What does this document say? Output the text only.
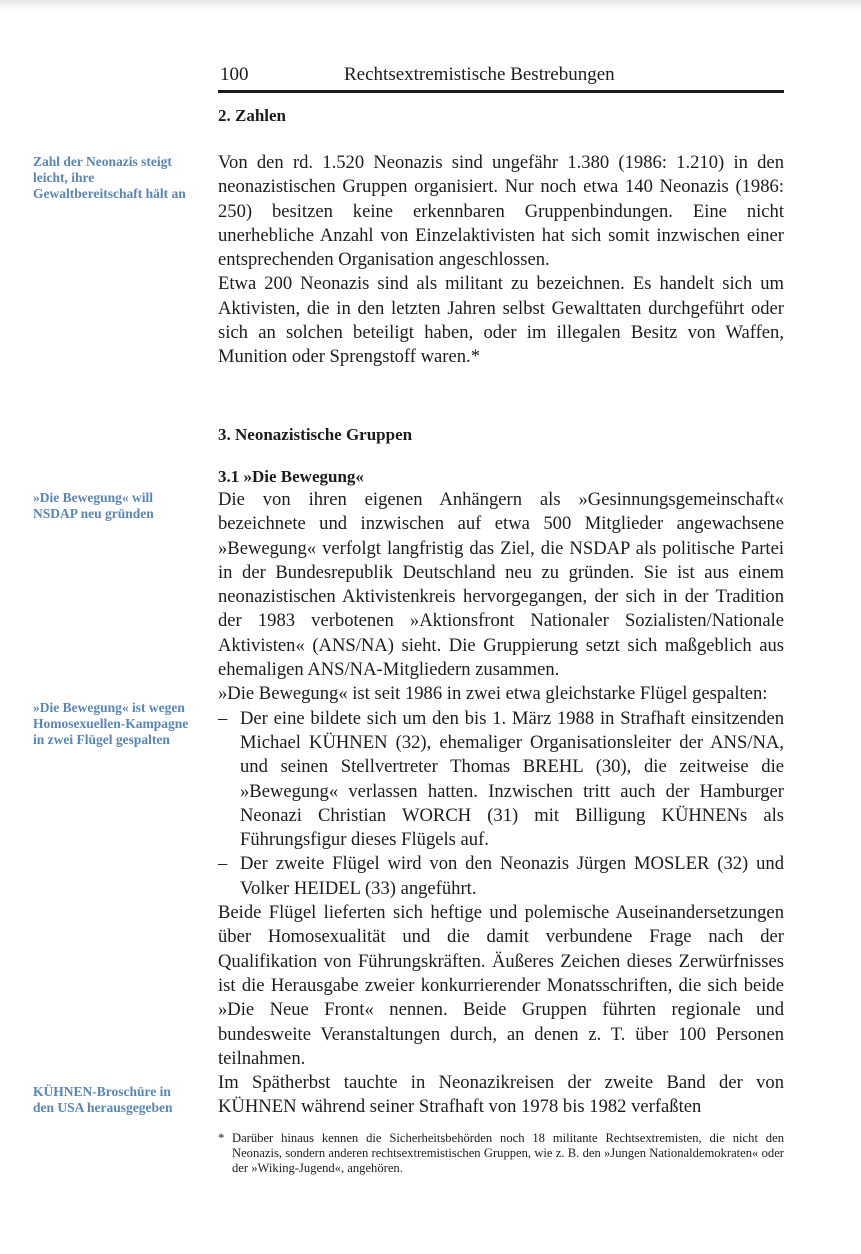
100	Rechtsextremistische Bestrebungen
2. Zahlen
Zahl der Neonazis steigt leicht, ihre Gewaltbereitschaft hält an

Von den rd. 1.520 Neonazis sind ungefähr 1.380 (1986: 1.210) in den neonazistischen Gruppen organisiert. Nur noch etwa 140 Neonazis (1986: 250) besitzen keine erkennbaren Gruppenbindungen. Eine nicht unerhebliche Anzahl von Einzelaktivisten hat sich somit inzwischen einer entsprechenden Organisation angeschlossen.

Etwa 200 Neonazis sind als militant zu bezeichnen. Es handelt sich um Aktivisten, die in den letzten Jahren selbst Gewalttaten durchgeführt oder sich an solchen beteiligt haben, oder im illegalen Besitz von Waffen, Munition oder Sprengstoff waren.*

3. Neonazistische Gruppen
3.1 »Die Bewegung«
»Die Bewegung« will NSDAP neu gründen
»Die Bewegung« ist wegen Homosexuellen-Kampagne in zwei Flügel gespalten
KÜHNEN-Broschüre in den USA herausgegeben

Die von ihren eigenen Anhängern als »Gesinnungsgemeinschaft« bezeichnete und inzwischen auf etwa 500 Mitglieder angewachsene »Bewegung« verfolgt langfristig das Ziel, die NSDAP als politische Partei in der Bundesrepublik Deutschland neu zu gründen. Sie ist aus einem neonazistischen Aktivistenkreis hervorgegangen, der sich in der Tradition der 1983 verbotenen »Aktionsfront Nationaler Sozialisten/Nationale Aktivisten« (ANS/NA) sieht. Die Gruppierung setzt sich maßgeblich aus ehemaligen ANS/NA-Mitgliedern zusammen.

»Die Bewegung« ist seit 1986 in zwei etwa gleichstarke Flügel gespalten:

– Der eine bildete sich um den bis 1. März 1988 in Strafhaft einsitzenden Michael KÜHNEN (32), ehemaliger Organisationsleiter der ANS/NA, und seinen Stellvertreter Thomas BREHL (30), die zeitweise die »Bewegung« verlassen hatten. Inzwischen tritt auch der Hamburger Neonazi Christian WORCH (31) mit Billigung KÜHNENs als Führungsfigur dieses Flügels auf.
– Der zweite Flügel wird von den Neonazis Jürgen MOSLER (32) und Volker HEIDEL (33) angeführt.

Beide Flügel lieferten sich heftige und polemische Auseinandersetzungen über Homosexualität und die damit verbundene Frage nach der Qualifikation von Führungskräften. Äußeres Zeichen dieses Zerwürfnisses ist die Herausgabe zweier konkurrierender Monatsschriften, die sich beide »Die Neue Front« nennen. Beide Gruppen führten regionale und bundesweite Veranstaltungen durch, an denen z. T. über 100 Personen teilnahmen.

Im Spätherbst tauchte in Neonazikreisen der zweite Band der von KÜHNEN während seiner Strafhaft von 1978 bis 1982 verfaßten

* Darüber hinaus kennen die Sicherheitsbehörden noch 18 militante Rechtsextremisten, die nicht den Neonazis, sondern anderen rechtsextremistischen Gruppen, wie z. B. den »Jungen Nationaldemokraten« oder der »Wiking-Jugend«, angehören.
